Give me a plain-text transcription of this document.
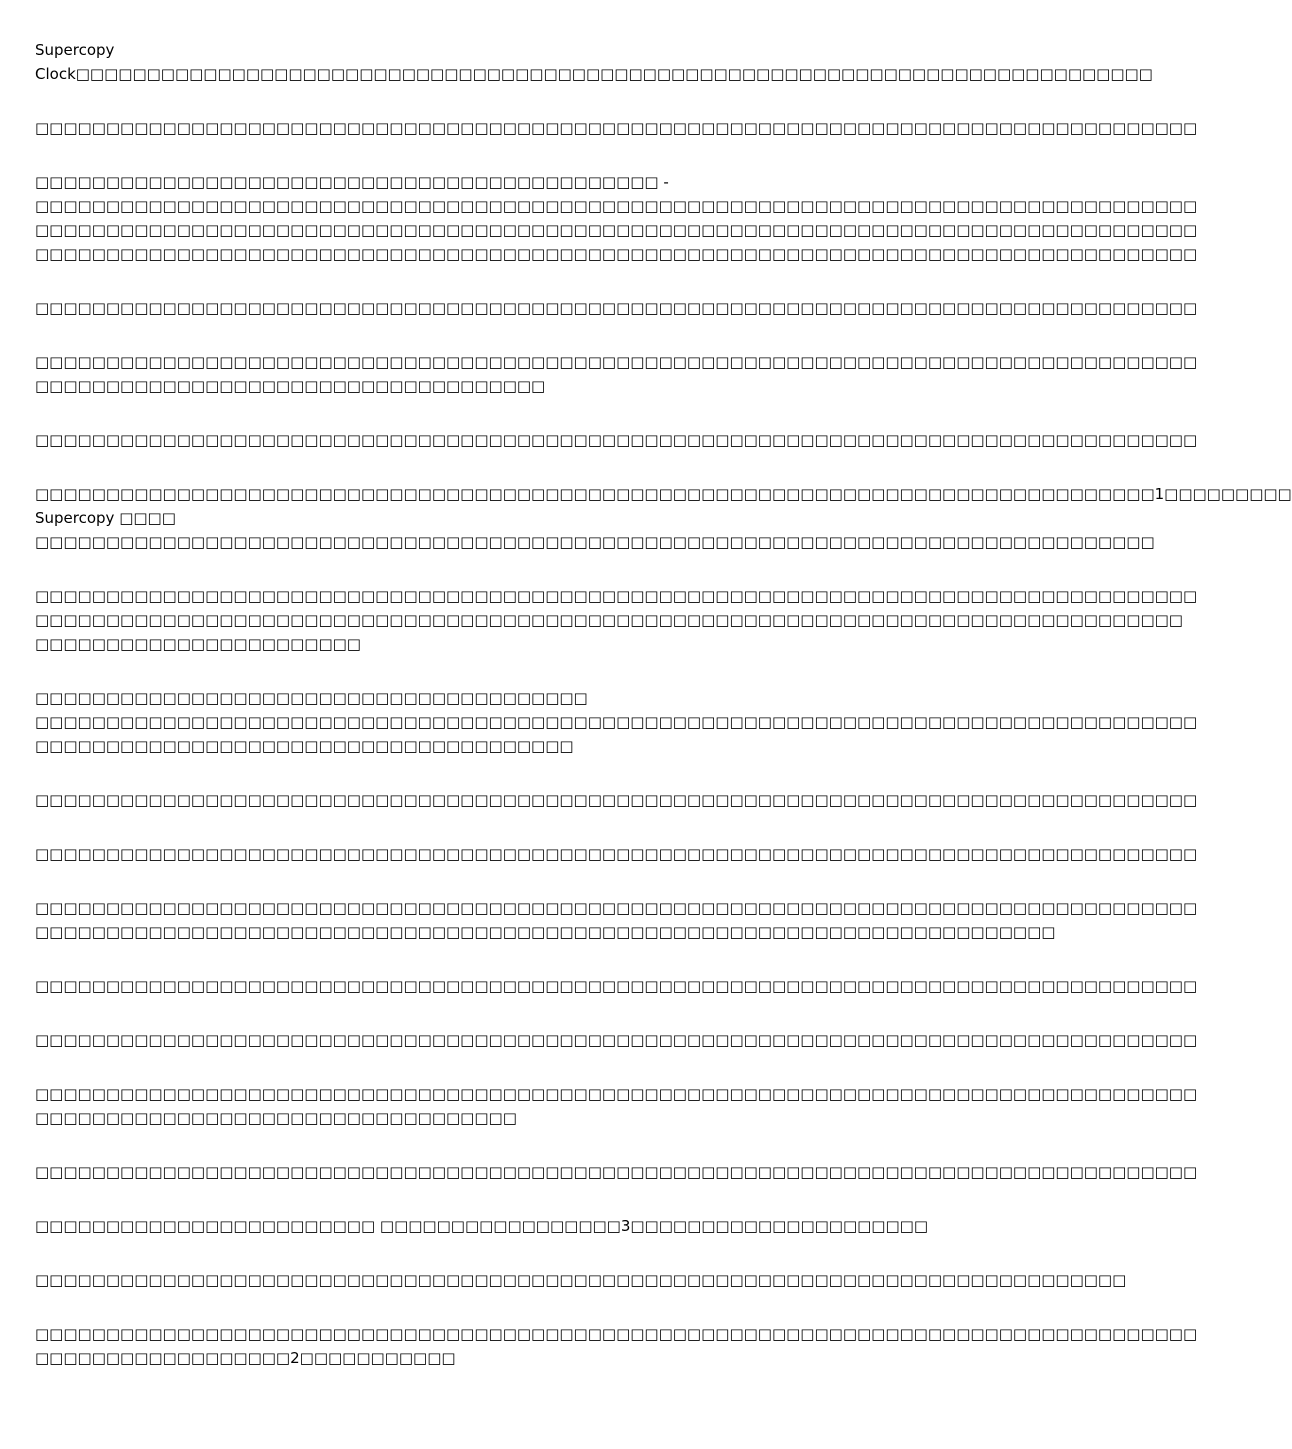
Supercopy
Clock□□□□□□□□□□□□□□□□□□□□□□□□□□□□□□□□□□□□□□□□□□□□□□□□□□□□□□□□□□□□□□□□□□□□□□□□□□□□

□□□□□□□□□□□□□□□□□□□□□□□□□□□□□□□□□□□□□□□□□□□□□□□□□□□□□□□□□□□□□□□□□□□□□□□□□□□□□□□□□□

□□□□□□□□□□□□□□□□□□□□□□□□□□□□□□□□□□□□□□□□□□□□ -
□□□□□□□□□□□□□□□□□□□□□□□□□□□□□□□□□□□□□□□□□□□□□□□□□□□□□□□□□□□□□□□□□□□□□□□□□□□□□□□□□□
□□□□□□□□□□□□□□□□□□□□□□□□□□□□□□□□□□□□□□□□□□□□□□□□□□□□□□□□□□□□□□□□□□□□□□□□□□□□□□□□□□
□□□□□□□□□□□□□□□□□□□□□□□□□□□□□□□□□□□□□□□□□□□□□□□□□□□□□□□□□□□□□□□□□□□□□□□□□□□□□□□□□□

□□□□□□□□□□□□□□□□□□□□□□□□□□□□□□□□□□□□□□□□□□□□□□□□□□□□□□□□□□□□□□□□□□□□□□□□□□□□□□□□□□

□□□□□□□□□□□□□□□□□□□□□□□□□□□□□□□□□□□□□□□□□□□□□□□□□□□□□□□□□□□□□□□□□□□□□□□□□□□□□□□□□□
□□□□□□□□□□□□□□□□□□□□□□□□□□□□□□□□□□□□

□□□□□□□□□□□□□□□□□□□□□□□□□□□□□□□□□□□□□□□□□□□□□□□□□□□□□□□□□□□□□□□□□□□□□□□□□□□□□□□□□□

□□□□□□□□□□□□□□□□□□□□□□□□□□□□□□□□□□□□□□□□□□□□□□□□□□□□□□□□□□□□□□□□□□□□□□□□□□□□□□□1□□□□□□□□□
Supercopy □□□□
□□□□□□□□□□□□□□□□□□□□□□□□□□□□□□□□□□□□□□□□□□□□□□□□□□□□□□□□□□□□□□□□□□□□□□□□□□□□□□□

□□□□□□□□□□□□□□□□□□□□□□□□□□□□□□□□□□□□□□□□□□□□□□□□□□□□□□□□□□□□□□□□□□□□□□□□□□□□□□□□□□
□□□□□□□□□□□□□□□□□□□□□□□□□□□□□□□□□□□□□□□□□□□□□□□□□□□□□□□□□□□□□□□□□□□□□□□□□□□□□□□□□
□□□□□□□□□□□□□□□□□□□□□□□

□□□□□□□□□□□□□□□□□□□□□□□□□□□□□□□□□□□□□□□
□□□□□□□□□□□□□□□□□□□□□□□□□□□□□□□□□□□□□□□□□□□□□□□□□□□□□□□□□□□□□□□□□□□□□□□□□□□□□□□□□□
□□□□□□□□□□□□□□□□□□□□□□□□□□□□□□□□□□□□□□

□□□□□□□□□□□□□□□□□□□□□□□□□□□□□□□□□□□□□□□□□□□□□□□□□□□□□□□□□□□□□□□□□□□□□□□□□□□□□□□□□□

□□□□□□□□□□□□□□□□□□□□□□□□□□□□□□□□□□□□□□□□□□□□□□□□□□□□□□□□□□□□□□□□□□□□□□□□□□□□□□□□□□

□□□□□□□□□□□□□□□□□□□□□□□□□□□□□□□□□□□□□□□□□□□□□□□□□□□□□□□□□□□□□□□□□□□□□□□□□□□□□□□□□□
□□□□□□□□□□□□□□□□□□□□□□□□□□□□□□□□□□□□□□□□□□□□□□□□□□□□□□□□□□□□□□□□□□□□□□□□

□□□□□□□□□□□□□□□□□□□□□□□□□□□□□□□□□□□□□□□□□□□□□□□□□□□□□□□□□□□□□□□□□□□□□□□□□□□□□□□□□□

□□□□□□□□□□□□□□□□□□□□□□□□□□□□□□□□□□□□□□□□□□□□□□□□□□□□□□□□□□□□□□□□□□□□□□□□□□□□□□□□□□

□□□□□□□□□□□□□□□□□□□□□□□□□□□□□□□□□□□□□□□□□□□□□□□□□□□□□□□□□□□□□□□□□□□□□□□□□□□□□□□□□□
□□□□□□□□□□□□□□□□□□□□□□□□□□□□□□□□□□

□□□□□□□□□□□□□□□□□□□□□□□□□□□□□□□□□□□□□□□□□□□□□□□□□□□□□□□□□□□□□□□□□□□□□□□□□□□□□□□□□□

□□□□□□□□□□□□□□□□□□□□□□□□ □□□□□□□□□□□□□□□□□3□□□□□□□□□□□□□□□□□□□□□

□□□□□□□□□□□□□□□□□□□□□□□□□□□□□□□□□□□□□□□□□□□□□□□□□□□□□□□□□□□□□□□□□□□□□□□□□□□□□

□□□□□□□□□□□□□□□□□□□□□□□□□□□□□□□□□□□□□□□□□□□□□□□□□□□□□□□□□□□□□□□□□□□□□□□□□□□□□□□□□□
□□□□□□□□□□□□□□□□□□2□□□□□□□□□□□
